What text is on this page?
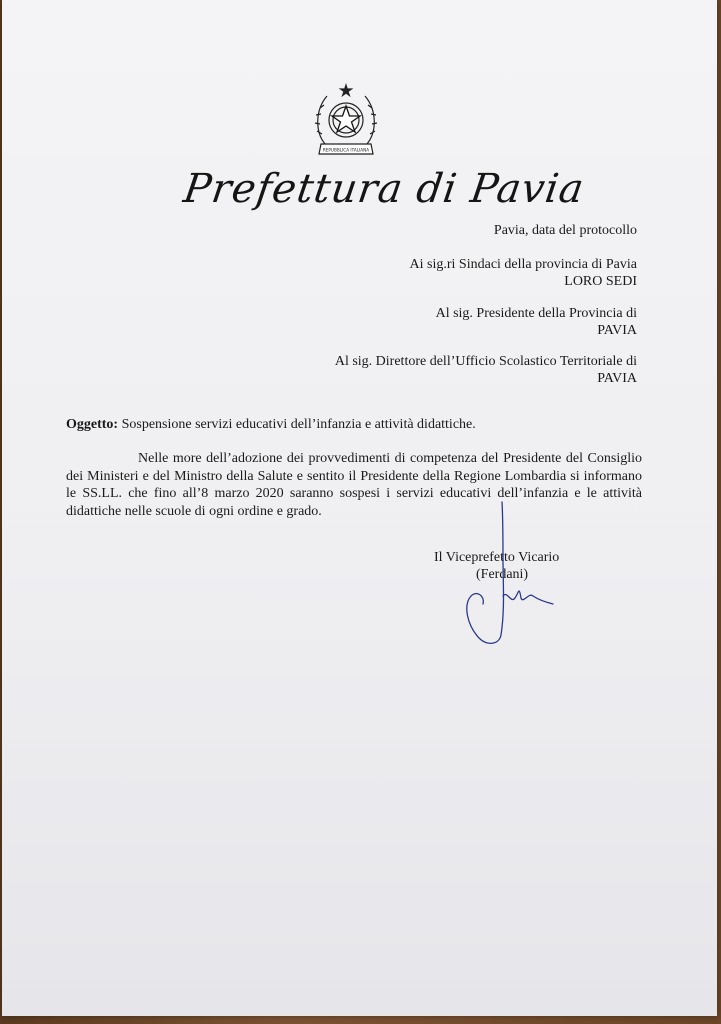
REPUBBLICA ITALIANA
Prefettura di Pavia
Pavia, data del protocollo
Ai sig.ri Sindaci della provincia di Pavia
LORO SEDI
Al sig. Presidente della Provincia di
PAVIA
Al sig. Direttore dell’Ufficio Scolastico Territoriale di
PAVIA
Oggetto: Sospensione servizi educativi dell’infanzia e attività didattiche.

Nelle more dell’adozione dei provvedimenti di competenza del Presidente del Consiglio dei Ministeri e del Ministro della Salute e sentito il Presidente della Regione Lombardia si informano le SS.LL. che fino all’8 marzo 2020 saranno sospesi i servizi educativi dell’infanzia e le attività didattiche nelle scuole di ogni ordine e grado.

Il Viceprefetto Vicario
(Ferdani)
